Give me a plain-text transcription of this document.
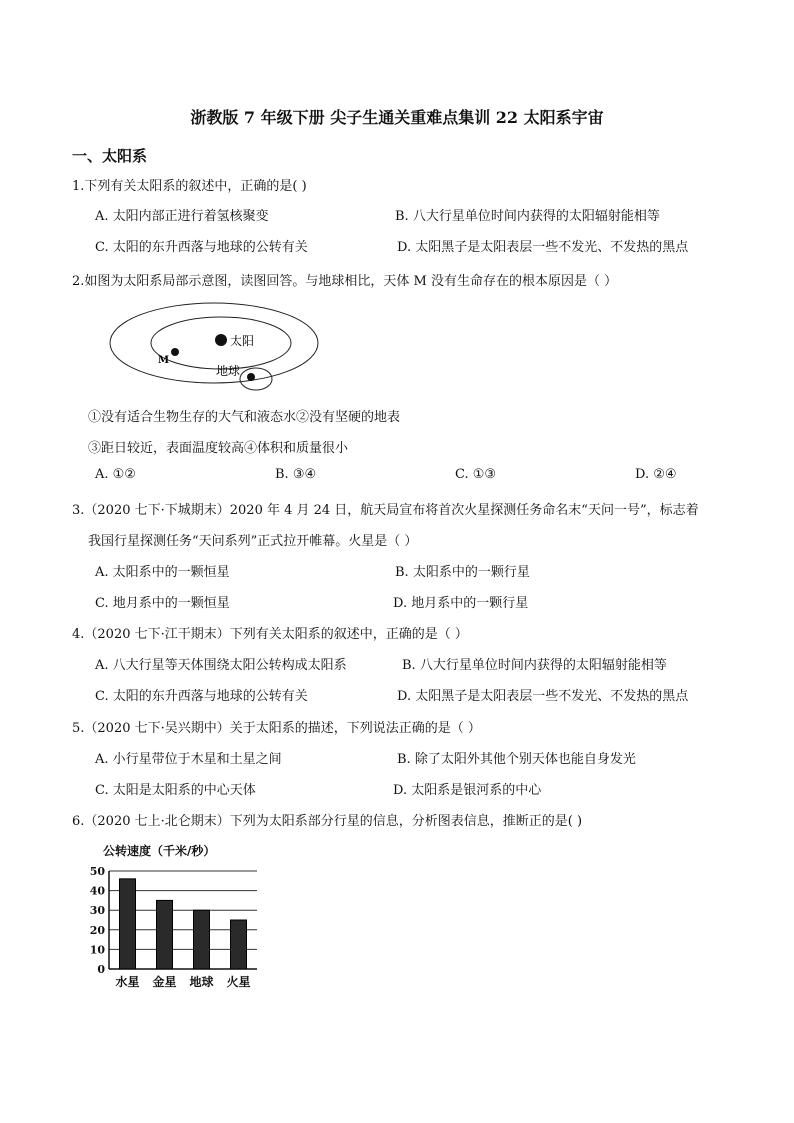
浙教版 7 年级下册 尖子生通关重难点集训 22 太阳系宇宙
一、太阳系
1.下列有关太阳系的叙述中，正确的是( )
A. 太阳内部正进行着氢核聚变	B. 八大行星单位时间内获得的太阳辐射能相等
C. 太阳的东升西落与地球的公转有关	D. 太阳黑子是太阳表层一些不发光、不发热的黑点
2.如图为太阳系局部示意图，读图回答。与地球相比，天体 M 没有生命存在的根本原因是（ ）
太阳
M
地球
①没有适合生物生存的大气和液态水②没有坚硬的地表
③距日较近，表面温度较高④体积和质量很小
A. ①②	B. ③④	C. ①③	D. ②④
3.（2020 七下·下城期末）2020 年 4 月 24 日，航天局宣布将首次火星探测任务命名末“天问一号”，标志着
我国行星探测任务“天问系列”正式拉开帷幕。火星是（ ）
A. 太阳系中的一颗恒星	B. 太阳系中的一颗行星
C. 地月系中的一颗恒星	D. 地月系中的一颗行星
4.（2020 七下·江干期末）下列有关太阳系的叙述中，正确的是（ ）
A. 八大行星等天体围绕太阳公转构成太阳系	B. 八大行星单位时间内获得的太阳辐射能相等
C. 太阳的东升西落与地球的公转有关	D. 太阳黑子是太阳表层一些不发光、不发热的黑点
5.（2020 七下·吴兴期中）关于太阳系的描述，下列说法正确的是（ ）
A. 小行星带位于木星和土星之间	B. 除了太阳外其他个别天体也能自身发光
C. 太阳是太阳系的中心天体	D. 太阳系是银河系的中心
6.（2020 七上·北仑期末）下列为太阳系部分行星的信息，分析图表信息，推断正的是( )
公转速度（千米/秒）
50
40
30
20
10
0
水星 金星 地球 火星
